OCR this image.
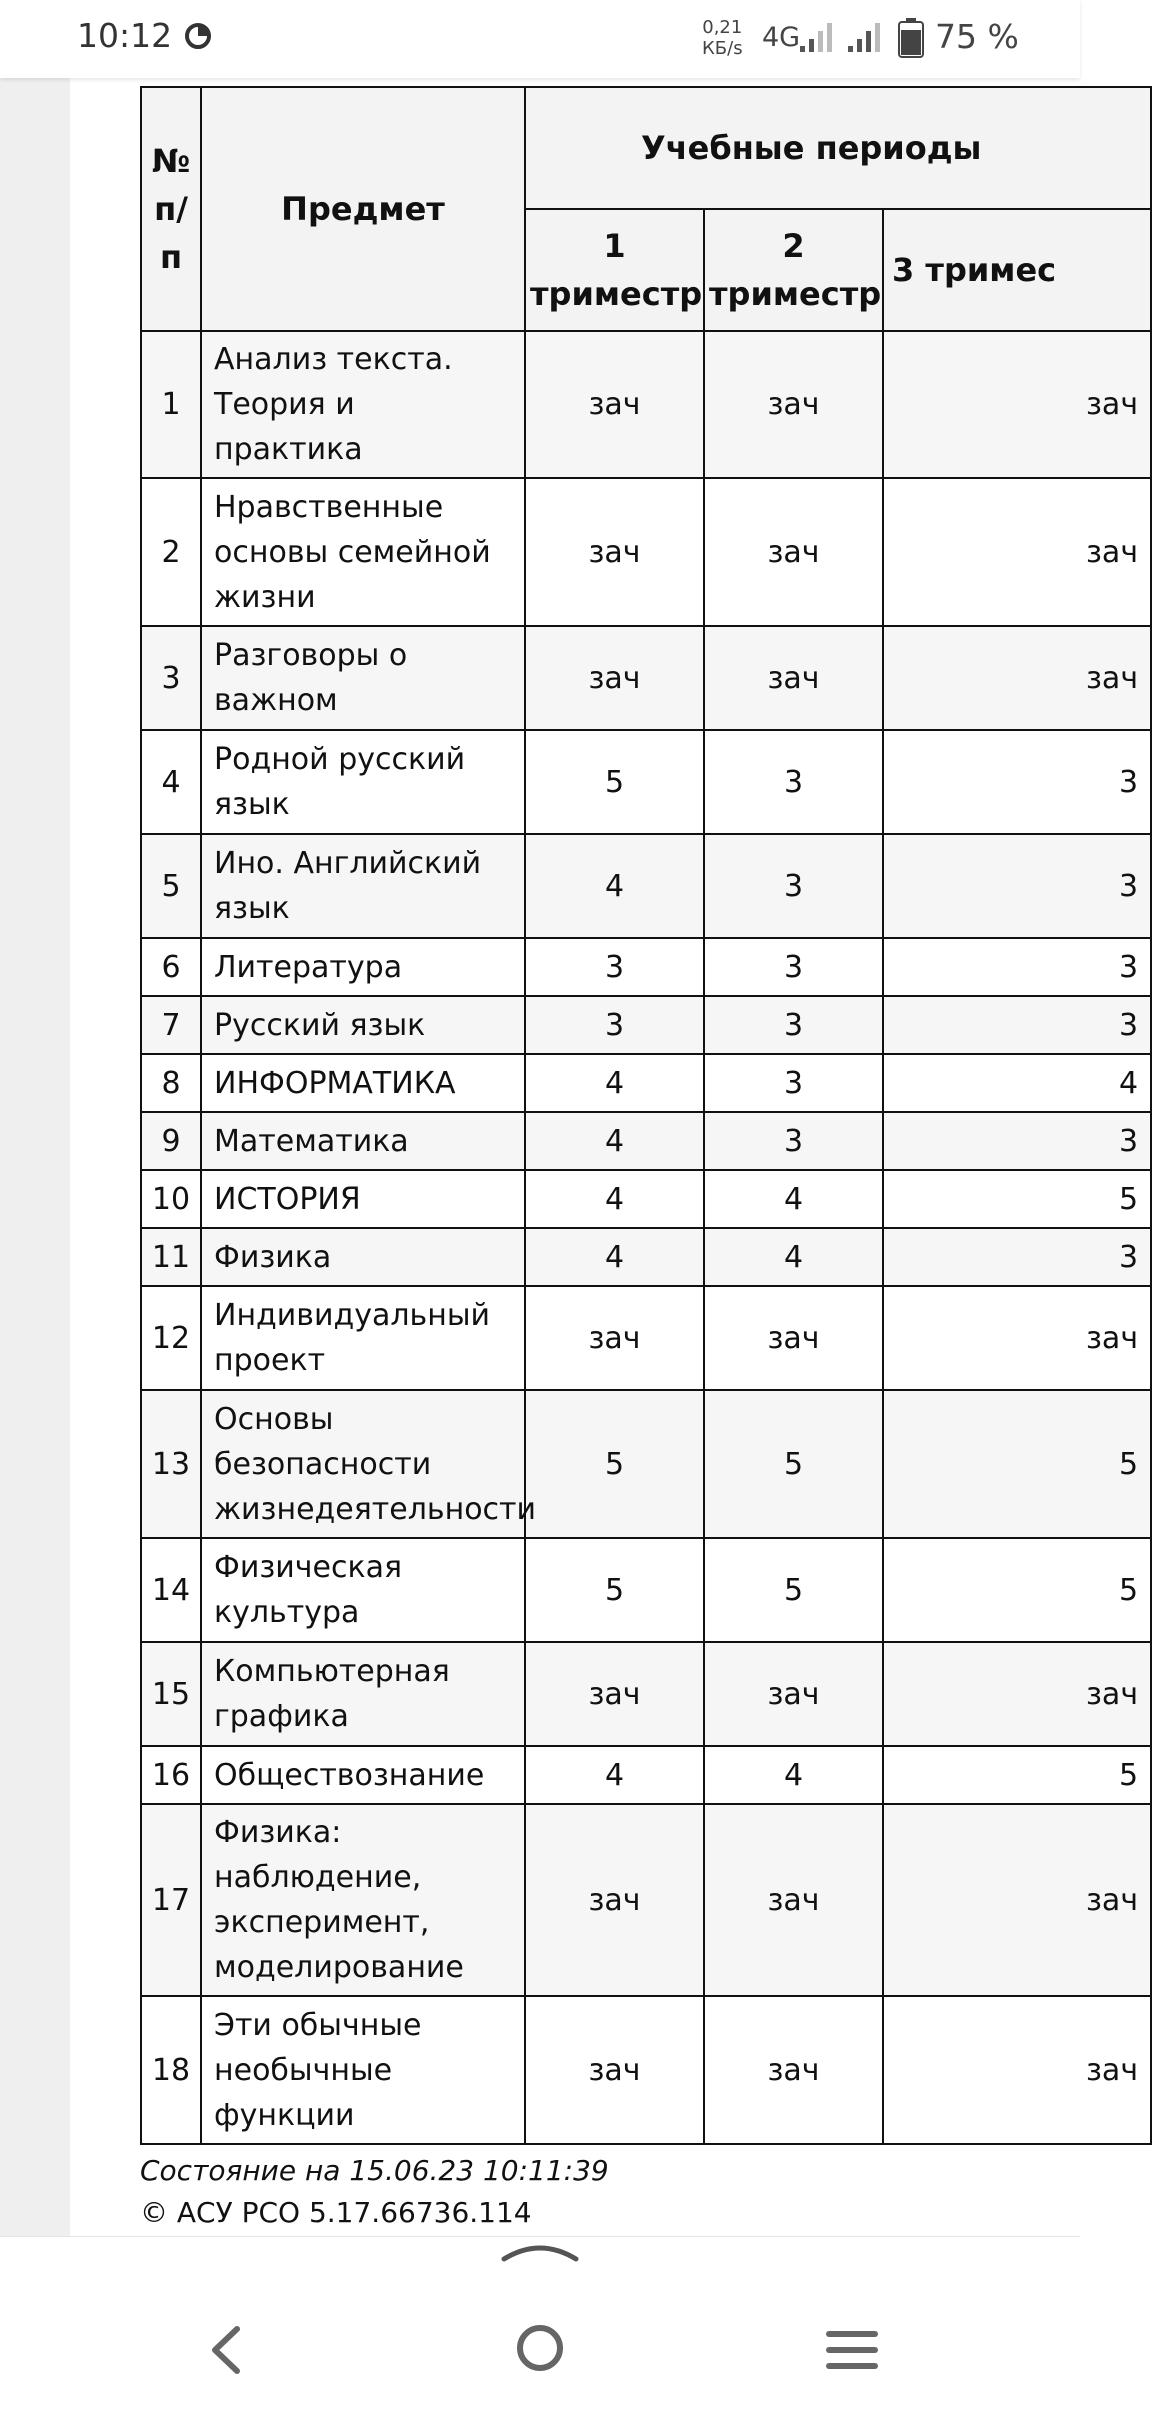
10:12	0,21
КБ/s 4G	75 %
№ п/п	Предмет	Учебные периоды		
		1 триместр	2 триместр	3 тримес
1	Анализ текста. Теория и практика	зач	зач	зач
2	Нравственные основы семейной жизни	зач	зач	зач
3	Разговоры о важном	зач	зач	зач
4	Родной русский язык	5	3	3
5	Ино. Английский язык	4	3	3
6	Литература	3	3	3
7	Русский язык	3	3	3
8	ИНФОРМАТИКА	4	3	4
9	Математика	4	3	3
10	ИСТОРИЯ	4	4	5
11	Физика	4	4	3
12	Индивидуальный проект	зач	зач	зач
13	Основы безопасности жизнедеятельности	5	5	5
14	Физическая культура	5	5	5
15	Компьютерная графика	зач	зач	зач
16	Обществознание	4	4	5
17	Физика: наблюдение, эксперимент, моделирование	зач	зач	зач
18	Эти обычные необычные функции	зач	зач	зач
Состояние на 15.06.23 10:11:39
© АСУ РСО 5.17.66736.114
